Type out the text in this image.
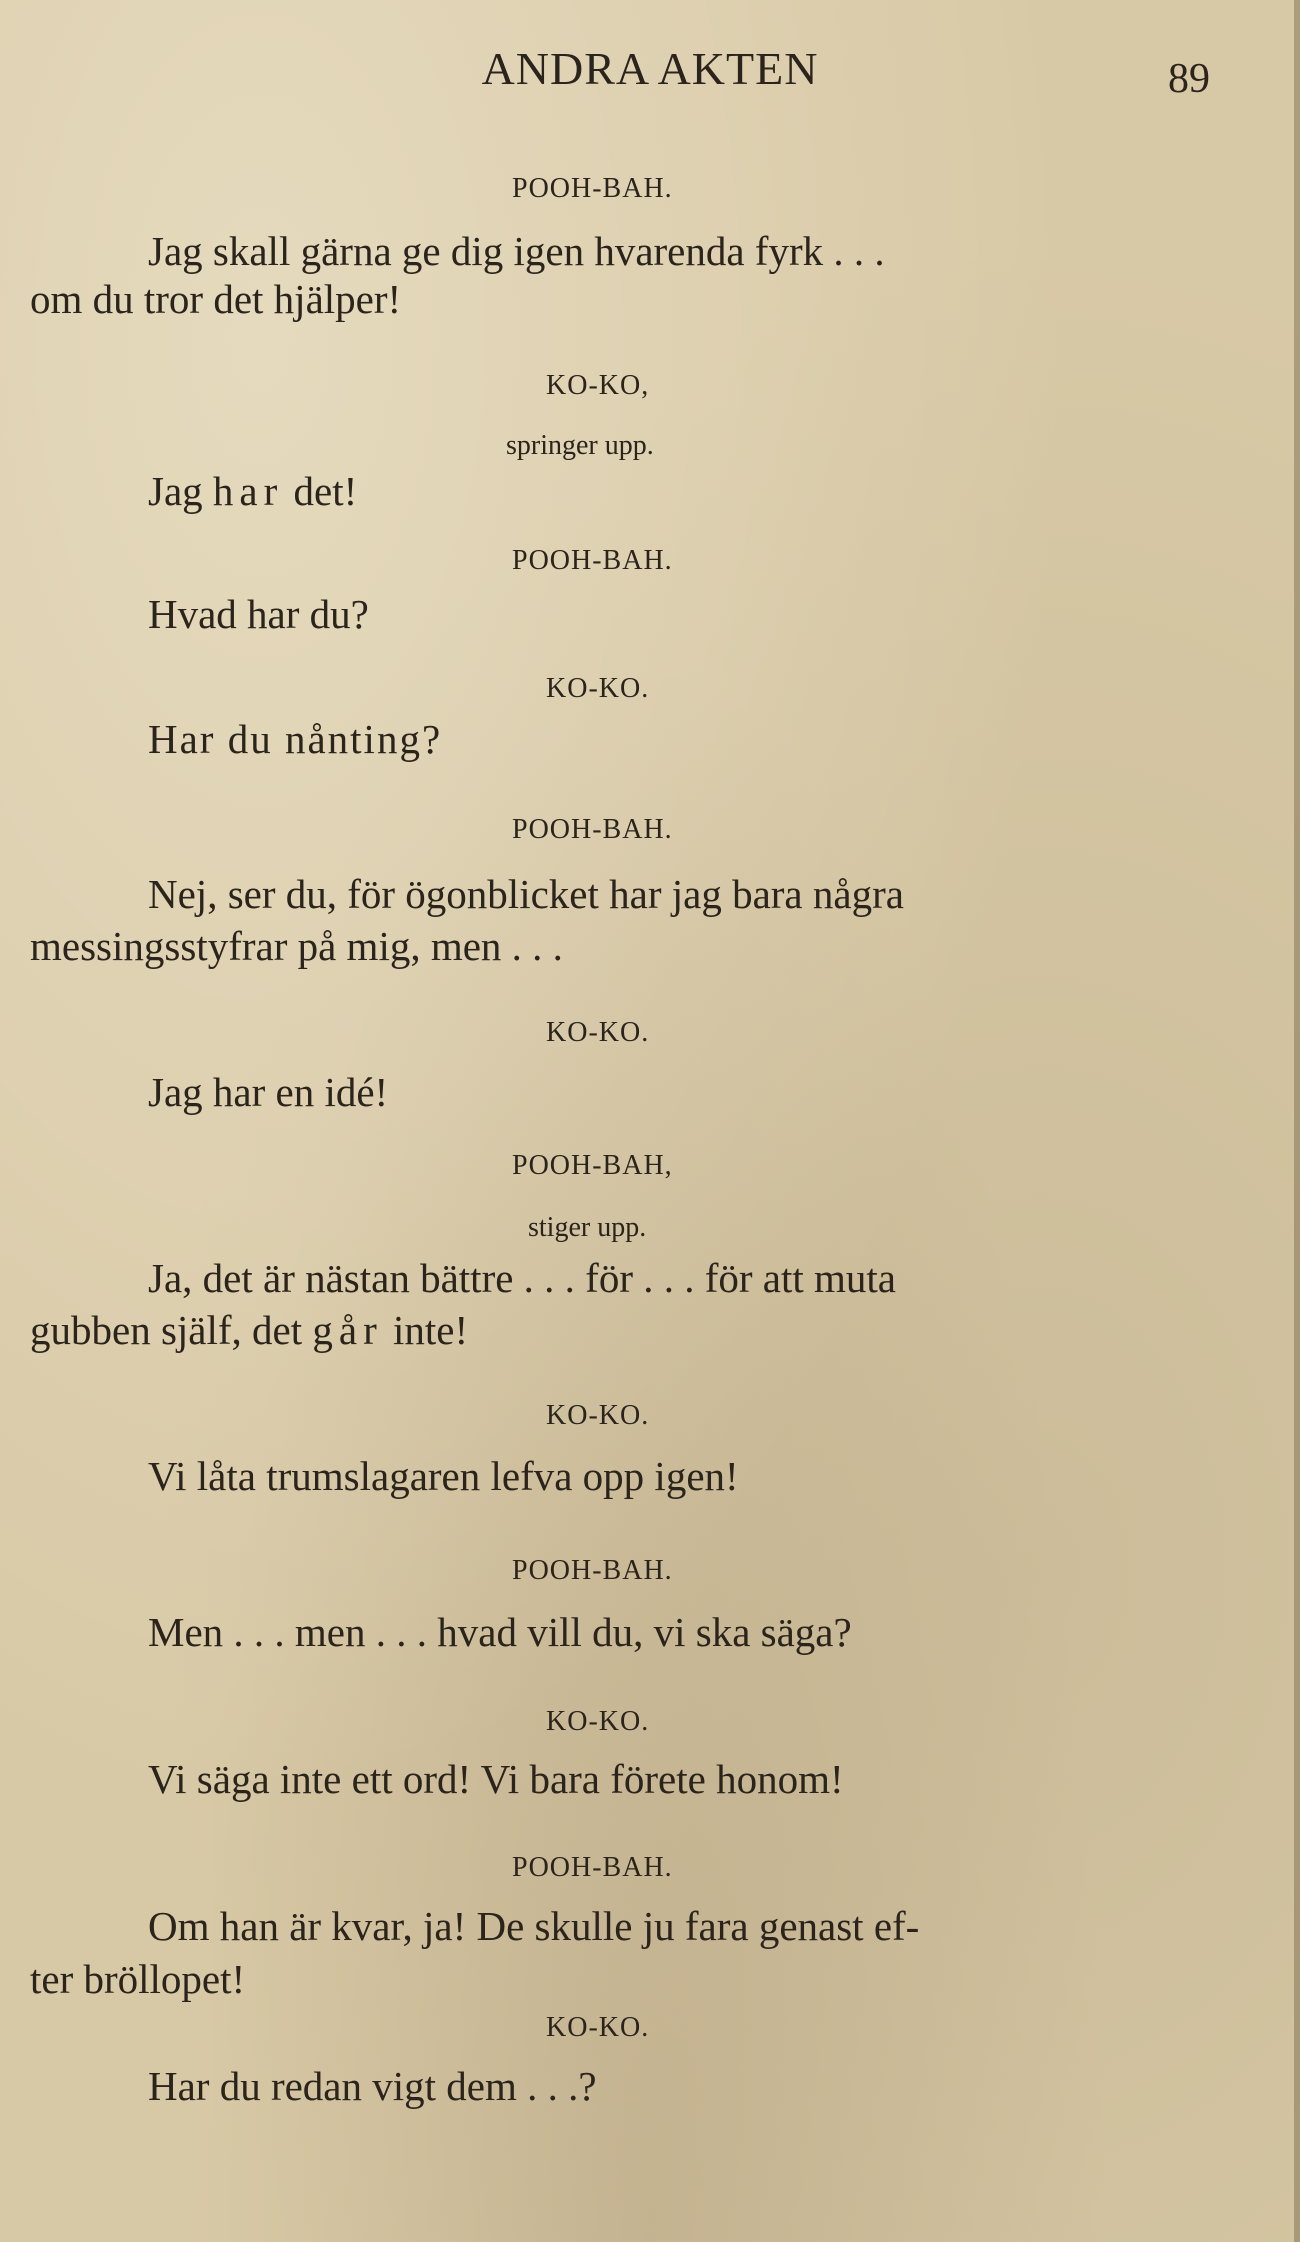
ANDRA AKTEN	89
POOH-BAH.
Jag skall gärna ge dig igen hvarenda fyrk . . .
om du tror det hjälper!
KO-KO,
springer upp.
Jag har det!
POOH-BAH.
Hvad har du?
KO-KO.
Har du nånting?
POOH-BAH.
Nej, ser du, för ögonblicket har jag bara några
messingsstyfrar på mig, men . . .
KO-KO.
Jag har en idé!
POOH-BAH,
stiger upp.
Ja, det är nästan bättre . . . för . . . för att muta
gubben själf, det går inte!
KO-KO.
Vi låta trumslagaren lefva opp igen!
POOH-BAH.
Men . . . men . . . hvad vill du, vi ska säga?
KO-KO.
Vi säga inte ett ord! Vi bara förete honom!
POOH-BAH.
Om han är kvar, ja! De skulle ju fara genast ef-
ter bröllopet!
KO-KO.
Har du redan vigt dem . . .?
